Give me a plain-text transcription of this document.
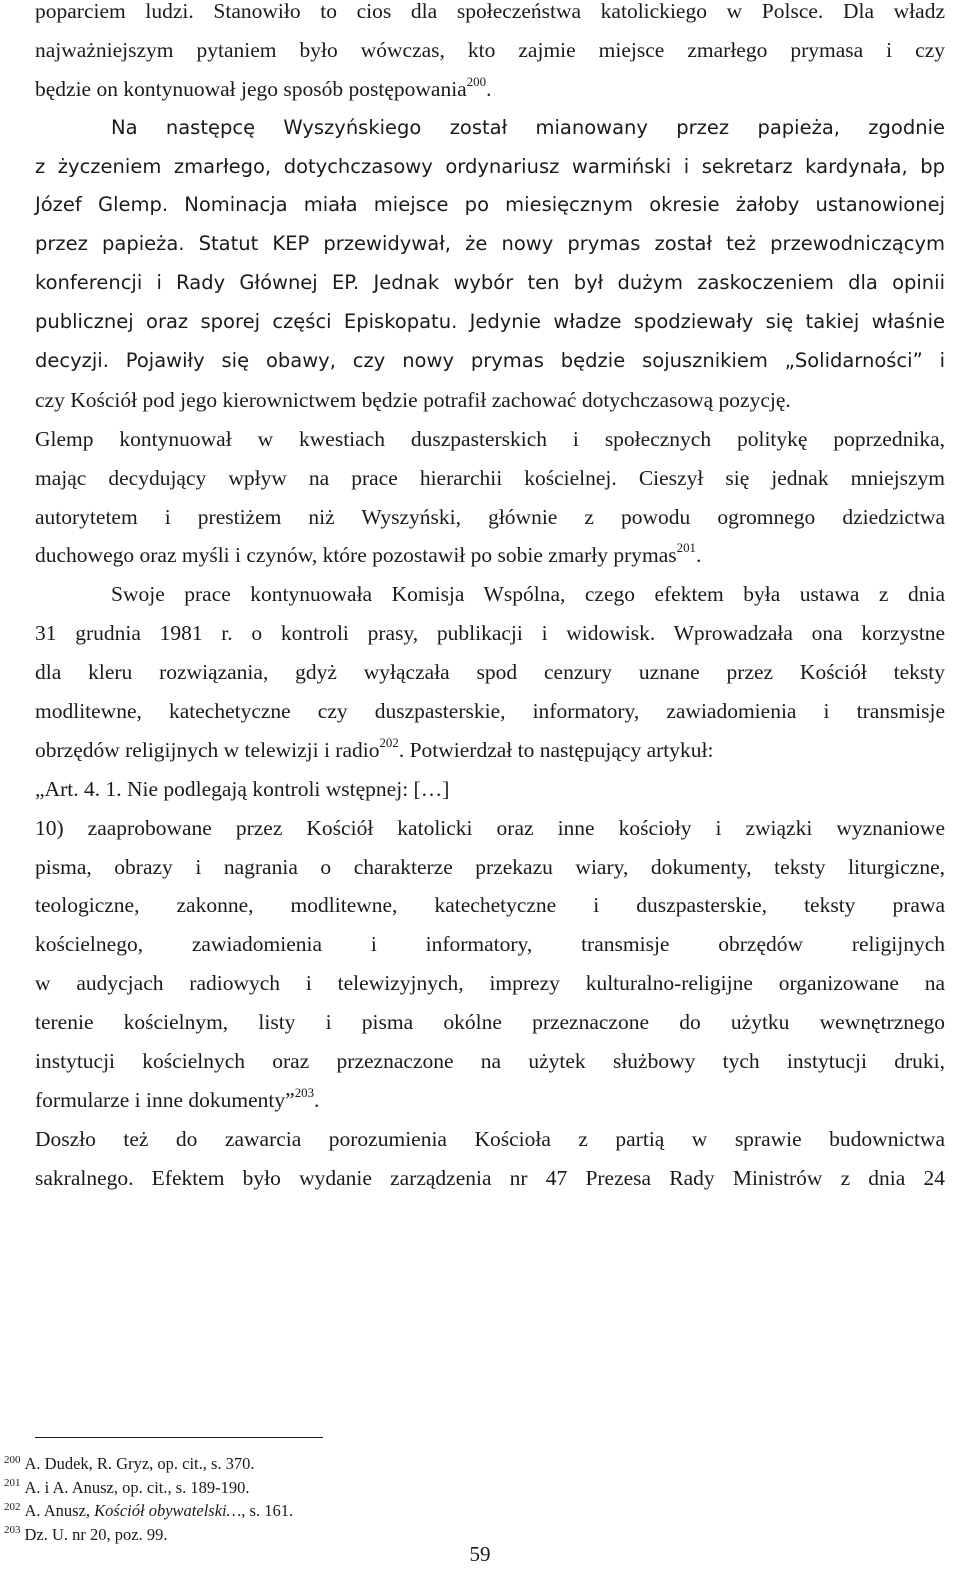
poparciem ludzi. Stanowiło to cios dla społeczeństwa katolickiego w Polsce. Dla władz
najważniejszym pytaniem było wówczas, kto zajmie miejsce zmarłego prymasa i czy
będzie on kontynuował jego sposób postępowania$^{200}$.
Na następcę Wyszyńskiego został mianowany przez papieża, zgodnie
z życzeniem zmarłego, dotychczasowy ordynariusz warmiński i sekretarz kardynała, bp
Józef Glemp. Nominacja miała miejsce po miesięcznym okresie żałoby ustanowionej
przez papieża. Statut KEP przewidywał, że nowy prymas został też przewodniczącym
konferencji i Rady Głównej EP. Jednak wybór ten był dużym zaskoczeniem dla opinii
publicznej oraz sporej części Episkopatu. Jedynie władze spodziewały się takiej właśnie
decyzji. Pojawiły się obawy, czy nowy prymas będzie sojusznikiem „Solidarności” i
czy Kościół pod jego kierownictwem będzie potrafił zachować dotychczasową pozycję.
Glemp kontynuował w kwestiach duszpasterskich i społecznych politykę poprzednika,
mając decydujący wpływ na prace hierarchii kościelnej. Cieszył się jednak mniejszym
autorytetem i prestiżem niż Wyszyński, głównie z powodu ogromnego dziedzictwa
duchowego oraz myśli i czynów, które pozostawił po sobie zmarły prymas$^{201}$.
Swoje prace kontynuowała Komisja Wspólna, czego efektem była ustawa z dnia
31 grudnia 1981 r. o kontroli prasy, publikacji i widowisk. Wprowadzała ona korzystne
dla kleru rozwiązania, gdyż wyłączała spod cenzury uznane przez Kościół teksty
modlitewne, katechetyczne czy duszpasterskie, informatory, zawiadomienia i transmisje
obrzędów religijnych w telewizji i radio$^{202}$. Potwierdzał to następujący artykuł:
„Art. 4. 1. Nie podlegają kontroli wstępnej: […]
10) zaaprobowane przez Kościół katolicki oraz inne kościoły i związki wyznaniowe
pisma, obrazy i nagrania o charakterze przekazu wiary, dokumenty, teksty liturgiczne,
teologiczne, zakonne, modlitewne, katechetyczne i duszpasterskie, teksty prawa
kościelnego, zawiadomienia i informatory, transmisje obrzędów religijnych
w audycjach radiowych i telewizyjnych, imprezy kulturalno-religijne organizowane na
terenie kościelnym, listy i pisma okólne przeznaczone do użytku wewnętrznego
instytucji kościelnych oraz przeznaczone na użytek służbowy tych instytucji druki,
formularze i inne dokumenty”$^{203}$.
Doszło też do zawarcia porozumienia Kościoła z partią w sprawie budownictwa
sakralnego. Efektem było wydanie zarządzenia nr 47 Prezesa Rady Ministrów z dnia 24
$^{200}$ A. Dudek, R. Gryz, op. cit., s. 370.
$^{201}$ A. i A. Anusz, op. cit., s. 189-190.
$^{202}$ A. Anusz, Kościół obywatelski…, s. 161.
$^{203}$ Dz. U. nr 20, poz. 99.
59
